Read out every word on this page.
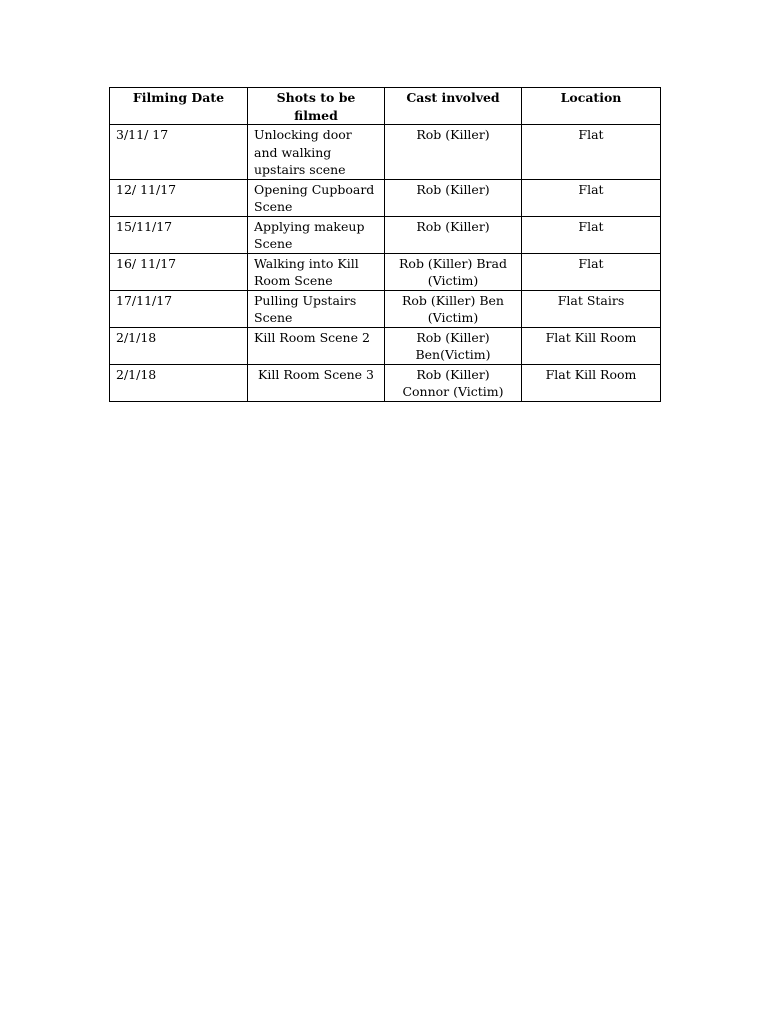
Filming Date	Shots to be filmed	Cast involved	Location
3/11/ 17	Unlocking door and walking upstairs scene	Rob (Killer)	Flat
12/ 11/17	Opening Cupboard Scene	Rob (Killer)	Flat
15/11/17	Applying makeup Scene	Rob (Killer)	Flat
16/ 11/17	Walking into Kill Room Scene	Rob (Killer) Brad (Victim)	Flat
17/11/17	Pulling Upstairs Scene	Rob (Killer) Ben (Victim)	Flat Stairs
2/1/18	Kill Room Scene 2	Rob (Killer) Ben(Victim)	Flat Kill Room
2/1/18	Kill Room Scene 3	Rob (Killer) Connor (Victim)	Flat Kill Room
